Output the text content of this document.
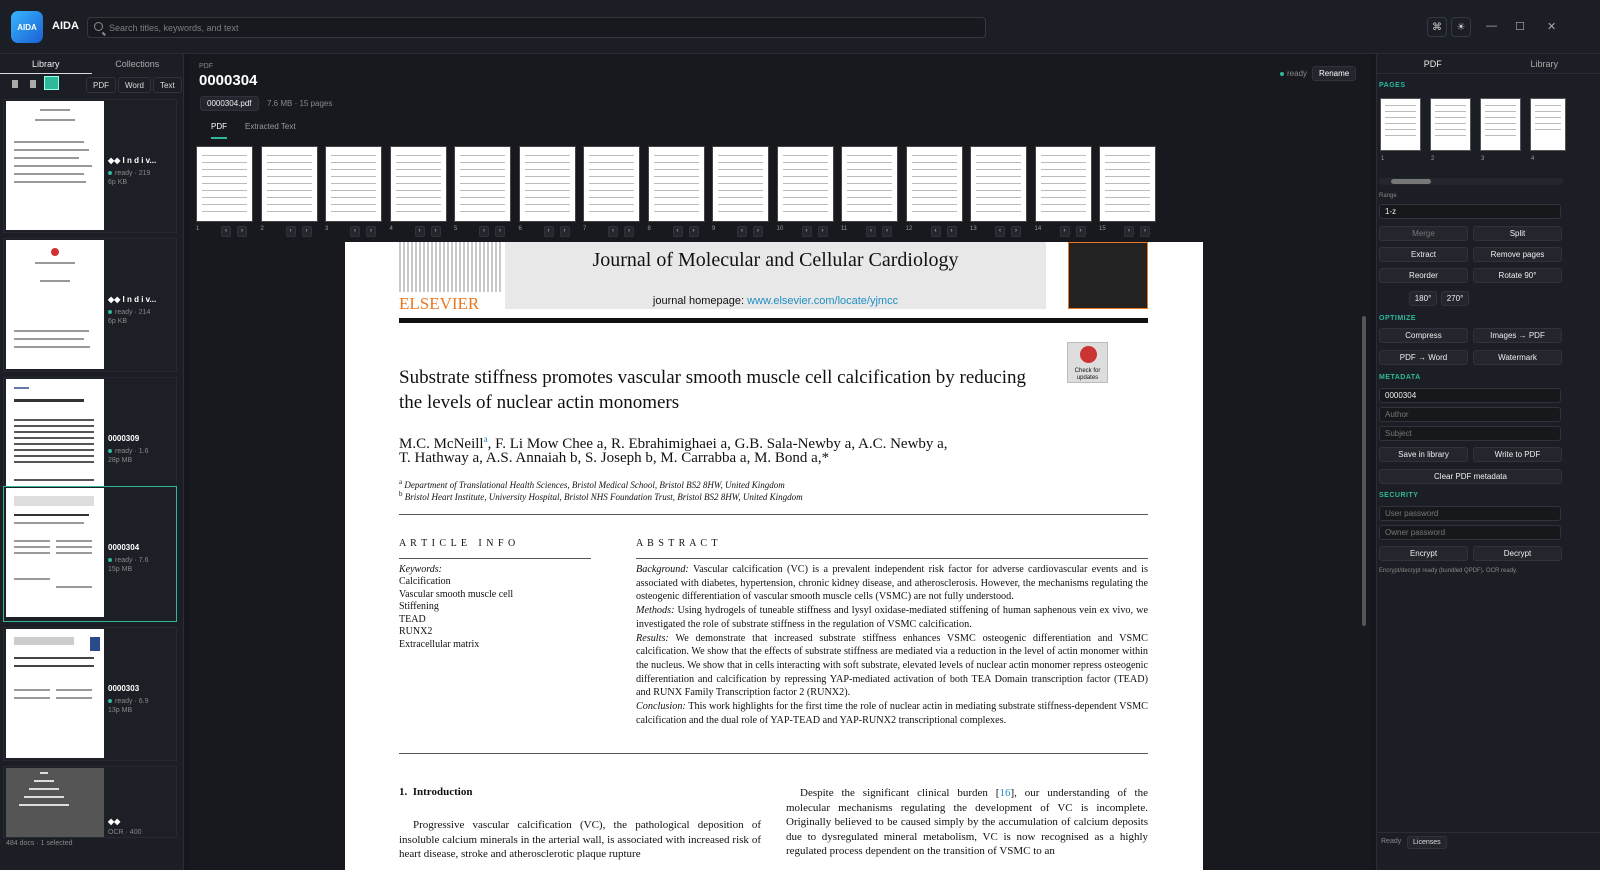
AIDA AIDA
Search titles, keywords, and text	⌘	☀	— ☐ ✕
Library	Collections
PDF	Word	Text
◆◆ I n d i v...
ready · 219
6p KB
◆◆ I n d i v...
ready · 214
6p KB
0000309
ready · 1.6
28p MB
0000304
ready · 7.6
15p MB
0000303
ready · 6.9
13p MB
◆◆
OCR · 400
484 docs · 1 selected
PDF
0000304
0000304.pdf	7.6 MB · 15 pages
ready	Rename
PDF Extracted Text
1	‹	›	2	‹	›	3	‹	›	4	‹	›	5	‹	›	6	‹	›	7	‹	›	8	‹	›	9	‹	›	10	‹	›	11	‹	›	12	‹	›	13	‹	›	14	‹	›	15	‹	›
ELSEVIER
Journal of Molecular and Cellular Cardiology
journal homepage: www.elsevier.com/locate/yjmcc
Check for updates
Substrate stiffness promotes vascular smooth muscle cell calcification by reducing the levels of nuclear actin monomers
M.C. McNeill$^a$, F. Li Mow Chee a, R. Ebrahimighaei a, G.B. Sala-Newby a, A.C. Newby a,
T. Hathway a, A.S. Annaiah b, S. Joseph b, M. Carrabba a, M. Bond a,*
$^a$ Department of Translational Health Sciences, Bristol Medical School, Bristol BS2 8HW, United Kingdom
$^b$ Bristol Heart Institute, University Hospital, Bristol NHS Foundation Trust, Bristol BS2 8HW, United Kingdom
A R T I C L E   I N F O
Keywords:
Calcification
Vascular smooth muscle cell
Stiffening
TEAD
RUNX2
Extracellular matrix
A B S T R A C T
Background: Vascular calcification (VC) is a prevalent independent risk factor for adverse cardiovascular events and is associated with diabetes, hypertension, chronic kidney disease, and atherosclerosis. However, the mechanisms regulating the osteogenic differentiation of vascular smooth muscle cells (VSMC) are not fully understood.
Methods: Using hydrogels of tuneable stiffness and lysyl oxidase-mediated stiffening of human saphenous vein ex vivo, we investigated the role of substrate stiffness in the regulation of VSMC calcification.
Results: We demonstrate that increased substrate stiffness enhances VSMC osteogenic differentiation and VSMC calcification. We show that the effects of substrate stiffness are mediated via a reduction in the level of actin monomer within the nucleus. We show that in cells interacting with soft substrate, elevated levels of nuclear actin monomer repress osteogenic differentiation and calcification by repressing YAP-mediated activation of both TEA Domain transcription factor (TEAD) and RUNX Family Transcription factor 2 (RUNX2).
Conclusion: This work highlights for the first time the role of nuclear actin in mediating substrate stiffness-dependent VSMC calcification and the dual role of YAP-TEAD and YAP-RUNX2 transcriptional complexes.
1.  Introduction
Progressive vascular calcification (VC), the pathological deposition of insoluble calcium minerals in the arterial wall, is associated with increased risk of heart disease, stroke and atherosclerotic plaque rupture
Despite the significant clinical burden [16], our understanding of the molecular mechanisms regulating the development of VC is incomplete. Originally believed to be caused simply by the accumulation of calcium deposits due to dysregulated mineral metabolism, VC is now recognised as a highly regulated process dependent on the transition of VSMC to an
PDF	Library
PAGES
1	2	3	4
Range
1-z
Merge	Split
Extract	Remove pages
Reorder	Rotate 90°
180°	270°
OPTIMIZE
Compress	Images → PDF
PDF → Word	Watermark
METADATA
0000304
Author
Subject
Save in library	Write to PDF
Clear PDF metadata
SECURITY
Encrypt	Decrypt
Encrypt/decrypt ready (bundled QPDF). OCR ready.
Ready	Licenses
